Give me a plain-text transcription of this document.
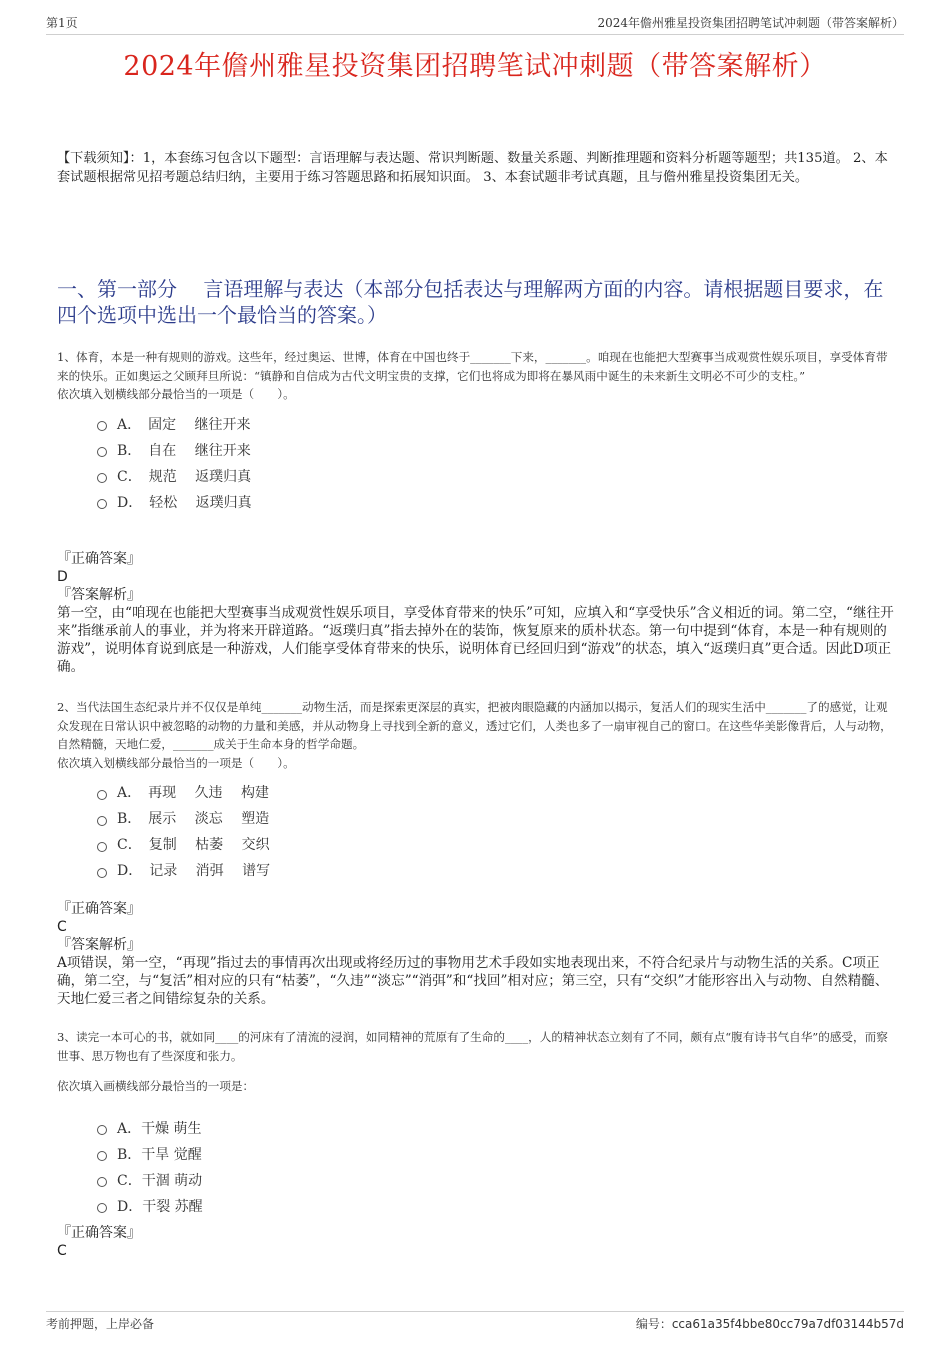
第1页	2024年儋州雅星投资集团招聘笔试冲刺题（带答案解析）
2024年儋州雅星投资集团招聘笔试冲刺题（带答案解析）
【下载须知】：1，本套练习包含以下题型：言语理解与表达题、常识判断题、数量关系题、判断推理题和资料分析题等题型；共135道。 2、本套试题根据常见招考题总结归纳，主要用于练习答题思路和拓展知识面。 3、本套试题非考试真题，且与儋州雅星投资集团无关。
一、第一部分　 言语理解与表达（本部分包括表达与理解两方面的内容。请根据题目要求，在四个选项中选出一个最恰当的答案。）
1、体育，本是一种有规则的游戏。这些年，经过奥运、世博，体育在中国也终于_______下来，_______。咱现在也能把大型赛事当成观赏性娱乐项目，享受体育带来的快乐。正如奥运之父顾拜旦所说：“镇静和自信成为古代文明宝贵的支撑，它们也将成为即将在暴风雨中诞生的未来新生文明必不可少的支柱。”
依次填入划横线部分最恰当的一项是（　　）。
A．　固定　 继往开来
B．　自在　 继往开来
C．　规范　 返璞归真
D．　轻松　 返璞归真
『正确答案』
D
『答案解析』
第一空，由“咱现在也能把大型赛事当成观赏性娱乐项目，享受体育带来的快乐”可知，应填入和“享受快乐”含义相近的词。第二空，“继往开来”指继承前人的事业，并为将来开辟道路。“返璞归真”指去掉外在的装饰，恢复原来的质朴状态。第一句中提到“体育，本是一种有规则的游戏”，说明体育说到底是一种游戏，人们能享受体育带来的快乐，说明体育已经回归到“游戏”的状态，填入“返璞归真”更合适。因此D项正确。
2、当代法国生态纪录片并不仅仅是单纯_______动物生活，而是探索更深层的真实，把被肉眼隐藏的内涵加以揭示，复活人们的现实生活中_______了的感觉，让观众发现在日常认识中被忽略的动物的力量和美感，并从动物身上寻找到全新的意义，透过它们，人类也多了一扇审视自己的窗口。在这些华美影像背后，人与动物，自然精髓，天地仁爱，_______成关于生命本身的哲学命题。
依次填入划横线部分最恰当的一项是（　　）。
A．　再现　 久违　 构建
B．　展示　 淡忘　 塑造
C．　复制　 枯萎　 交织
D．　记录　 消弭　 谱写
『正确答案』
C
『答案解析』
A项错误，第一空，“再现”指过去的事情再次出现或将经历过的事物用艺术手段如实地表现出来，不符合纪录片与动物生活的关系。C项正确，第二空，与“复活”相对应的只有“枯萎”，“久违”“淡忘”“消弭”和“找回”相对应；第三空，只有“交织”才能形容出入与动物、自然精髓、天地仁爱三者之间错综复杂的关系。
3、读完一本可心的书，就如同____的河床有了清流的浸润，如同精神的荒原有了生命的____，人的精神状态立刻有了不同，颇有点“腹有诗书气自华”的感受，而察世事、思万物也有了些深度和张力。
依次填入画横线部分最恰当的一项是：
A．干燥 萌生
B．干旱 觉醒
C．干涸 萌动
D．干裂 苏醒
『正确答案』
C
考前押题，上岸必备	编号：cca61a35f4bbe80cc79a7df03144b57d
